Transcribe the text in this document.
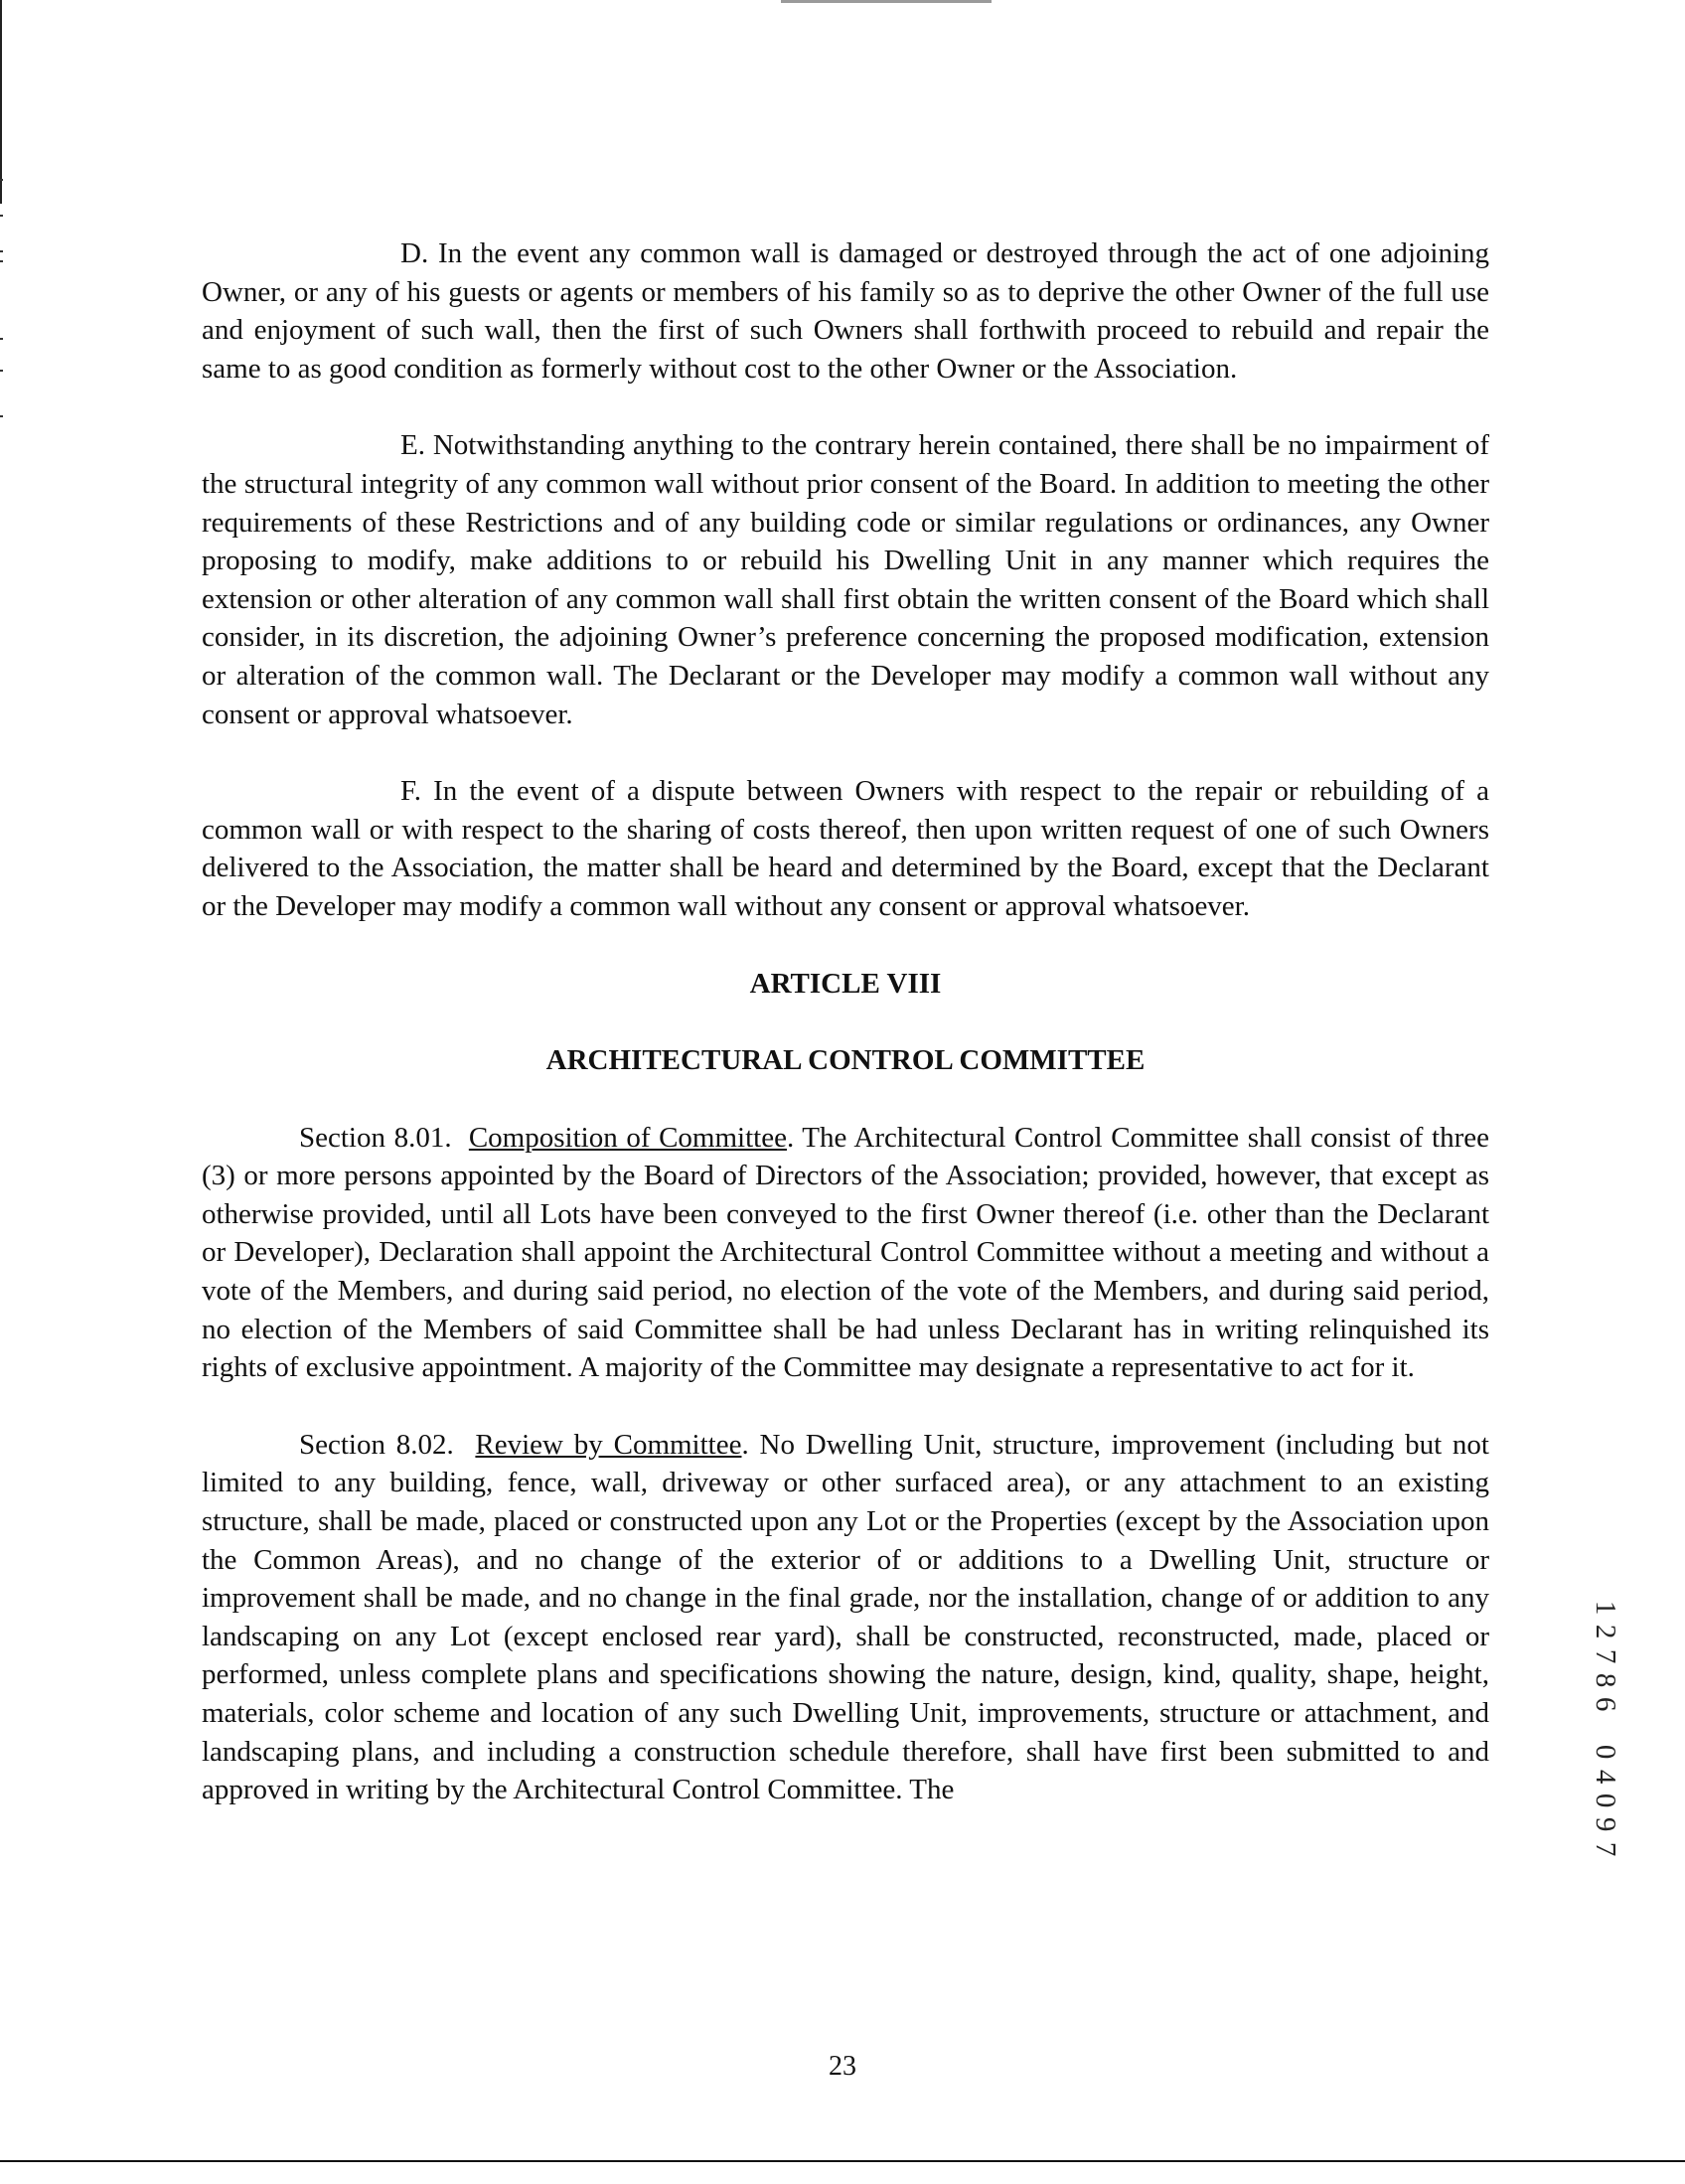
D. In the event any common wall is damaged or destroyed through the act of one adjoining Owner, or any of his guests or agents or members of his family so as to deprive the other Owner of the full use and enjoyment of such wall, then the first of such Owners shall forthwith proceed to rebuild and repair the same to as good condition as formerly without cost to the other Owner or the Association.

E. Notwithstanding anything to the contrary herein contained, there shall be no impairment of the structural integrity of any common wall without prior consent of the Board. In addition to meeting the other requirements of these Restrictions and of any building code or similar regulations or ordinances, any Owner proposing to modify, make additions to or rebuild his Dwelling Unit in any manner which requires the extension or other alteration of any common wall shall first obtain the written consent of the Board which shall consider, in its discretion, the adjoining Owner’s preference concerning the proposed modification, extension or alteration of the common wall. The Declarant or the Developer may modify a common wall without any consent or approval whatsoever.

F. In the event of a dispute between Owners with respect to the repair or rebuilding of a common wall or with respect to the sharing of costs thereof, then upon written request of one of such Owners delivered to the Association, the matter shall be heard and determined by the Board, except that the Declarant or the Developer may modify a common wall without any consent or approval whatsoever.

ARTICLE VIII

ARCHITECTURAL CONTROL COMMITTEE

Section 8.01. Composition of Committee. The Architectural Control Committee shall consist of three (3) or more persons appointed by the Board of Directors of the Association; provided, however, that except as otherwise provided, until all Lots have been conveyed to the first Owner thereof (i.e. other than the Declarant or Developer), Declaration shall appoint the Architectural Control Committee without a meeting and without a vote of the Members, and during said period, no election of the vote of the Members, and during said period, no election of the Members of said Committee shall be had unless Declarant has in writing relinquished its rights of exclusive appointment. A majority of the Committee may designate a representative to act for it.

Section 8.02. Review by Committee. No Dwelling Unit, structure, improvement (including but not limited to any building, fence, wall, driveway or other surfaced area), or any attachment to an existing structure, shall be made, placed or constructed upon any Lot or the Properties (except by the Association upon the Common Areas), and no change of the exterior of or additions to a Dwelling Unit, structure or improvement shall be made, and no change in the final grade, nor the installation, change of or addition to any landscaping on any Lot (except enclosed rear yard), shall be constructed, reconstructed, made, placed or performed, unless complete plans and specifications showing the nature, design, kind, quality, shape, height, materials, color scheme and location of any such Dwelling Unit, improvements, structure or attachment, and landscaping plans, and including a construction schedule therefore, shall have first been submitted to and approved in writing by the Architectural Control Committee. The

1
2
7
8
6
0
4
0
9
7
23
